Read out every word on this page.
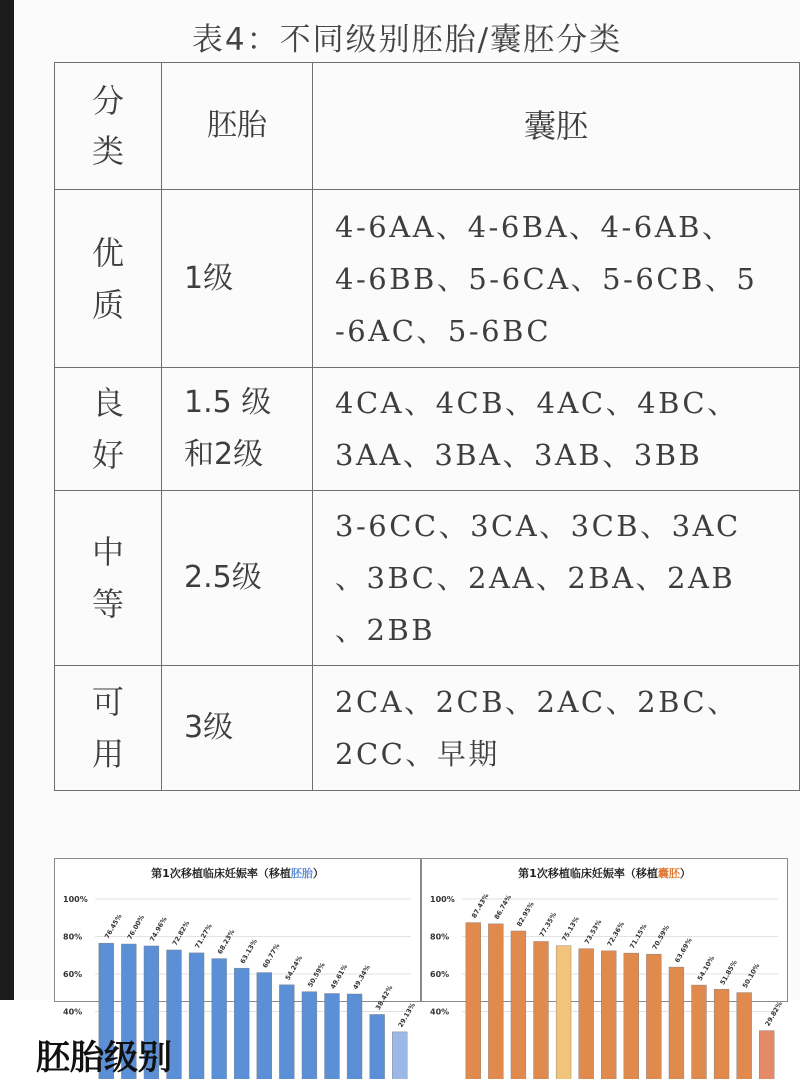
表4：不同级别胚胎/囊胚分类
分
类	胚胎	囊胚
优
质	1级	4-6AA、4-6BA、4-6AB、
4-6BB、5-6CA、5-6CB、5
-6AC、5-6BC

良
好	1.5 级
和2级	4CA、4CB、4AC、4BC、
3AA、3BA、3AB、3BB

中
等	2.5级	3-6CC、3CA、3CB、3AC
、3BC、2AA、2BA、2AB
、2BB

可
用	3级	2CA、2CB、2AC、2BC、
2CC、早期
第1次移植临床妊娠率（移植胚胎）
100%
80%
60%
40%
76.45% 76.00% 74.96% 72.82% 71.27% 68.23% 63.13% 60.77% 54.24% 50.59% 49.61% 49.34%
38.42%
29.13%
第1次移植临床妊娠率（移植囊胚）
100%
80%
60%
40%
87.43% 86.74% 82.95% 77.35% 75.13% 73.53% 72.36% 71.15% 70.59% 63.69%
54.10% 51.85% 50.10%
29.82%
胚胎级别
